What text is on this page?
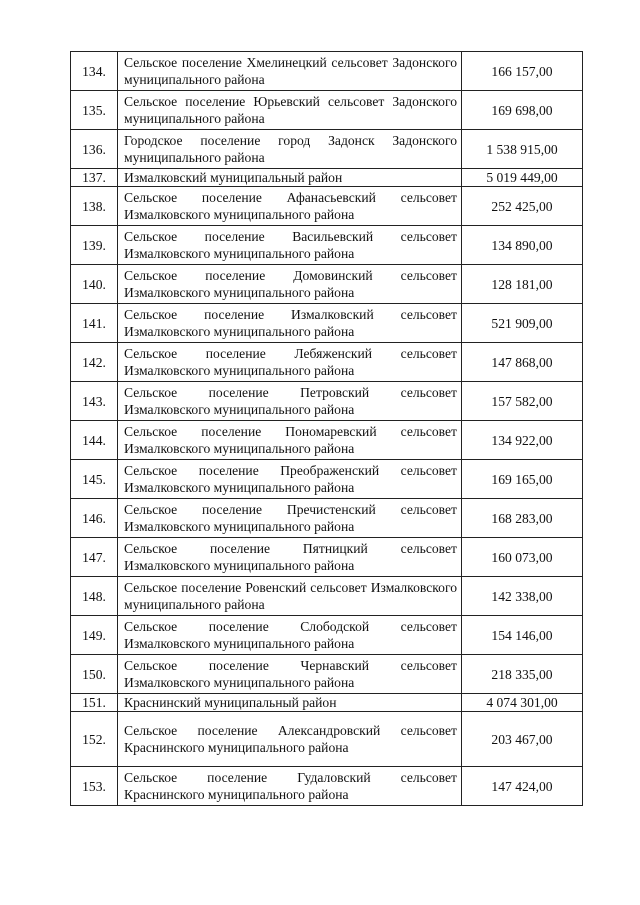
134.	Сельское поселение Хмелинецкий сельсовет Задонского муниципального района	166 157,00
135.	Сельское поселение Юрьевский сельсовет Задонского муниципального района	169 698,00
136.	Городское поселение город Задонск Задонского муниципального района	1 538 915,00
137.	Измалковский муниципальный район	5 019 449,00
138.	Сельское поселение Афанасьевский сельсовет Измалковского муниципального района	252 425,00
139.	Сельское поселение Васильевский сельсовет Измалковского муниципального района	134 890,00
140.	Сельское поселение Домовинский сельсовет Измалковского муниципального района	128 181,00
141.	Сельское поселение Измалковский сельсовет Измалковского муниципального района	521 909,00
142.	Сельское поселение Лебяженский сельсовет Измалковского муниципального района	147 868,00
143.	Сельское поселение Петровский сельсовет Измалковского муниципального района	157 582,00
144.	Сельское поселение Пономаревский сельсовет Измалковского муниципального района	134 922,00
145.	Сельское поселение Преображенский сельсовет Измалковского муниципального района	169 165,00
146.	Сельское поселение Пречистенский сельсовет Измалковского муниципального района	168 283,00
147.	Сельское поселение Пятницкий сельсовет Измалковского муниципального района	160 073,00
148.	Сельское поселение Ровенский сельсовет Измалковского муниципального района	142 338,00
149.	Сельское поселение Слободской сельсовет Измалковского муниципального района	154 146,00
150.	Сельское поселение Чернавский сельсовет Измалковского муниципального района	218 335,00
151.	Краснинский муниципальный район	4 074 301,00
152.	Сельское поселение Александровский сельсовет Краснинского муниципального района	203 467,00
153.	Сельское поселение Гудаловский сельсовет Краснинского муниципального района	147 424,00
